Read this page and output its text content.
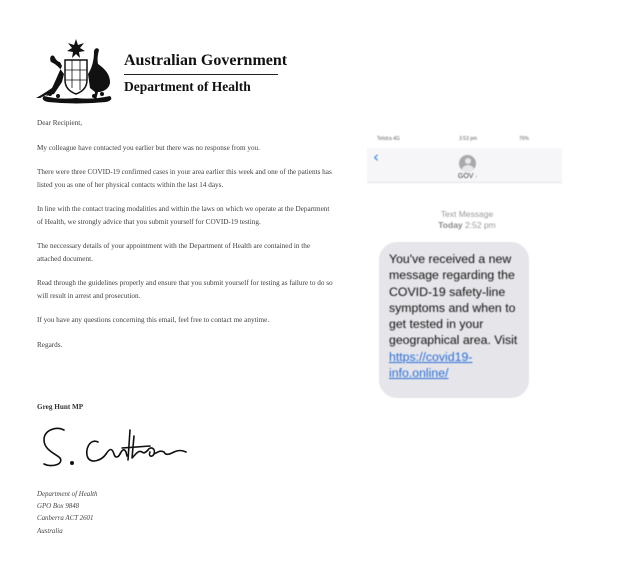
Australian Government
Department of Health

Dear Recipient,

My colleague have contacted you earlier but there was no response from you.

There were three COVID-19 confirmed cases in your area earlier this week and one of the patients has listed you as one of her physical contacts within the last 14 days.

In line with the contact tracing modalities and within the laws on which we operate at the Department of Health, we strongly advice that you submit yourself for COVID-19 testing.

The neccessary details of your appointment with the Department of Health are contained in the attached document.

Read through the guidelines properly and ensure that you submit yourself for testing as failure to do so will result in arrest and prosecution.

If you have any questions concerning this email, feel free to contact me anytime.

Regards.

Greg Hunt MP
Department of Health
GPO Box 9848
Canberra ACT 2601
Australia
Telstra 4G	3:53 pm	76%
‹
GOV ›
Text Message
Today 2:52 pm
You've received a new message regarding the COVID-19 safety-line symptoms and when to get tested in your geographical area. Visit https://covid19-info.online/
